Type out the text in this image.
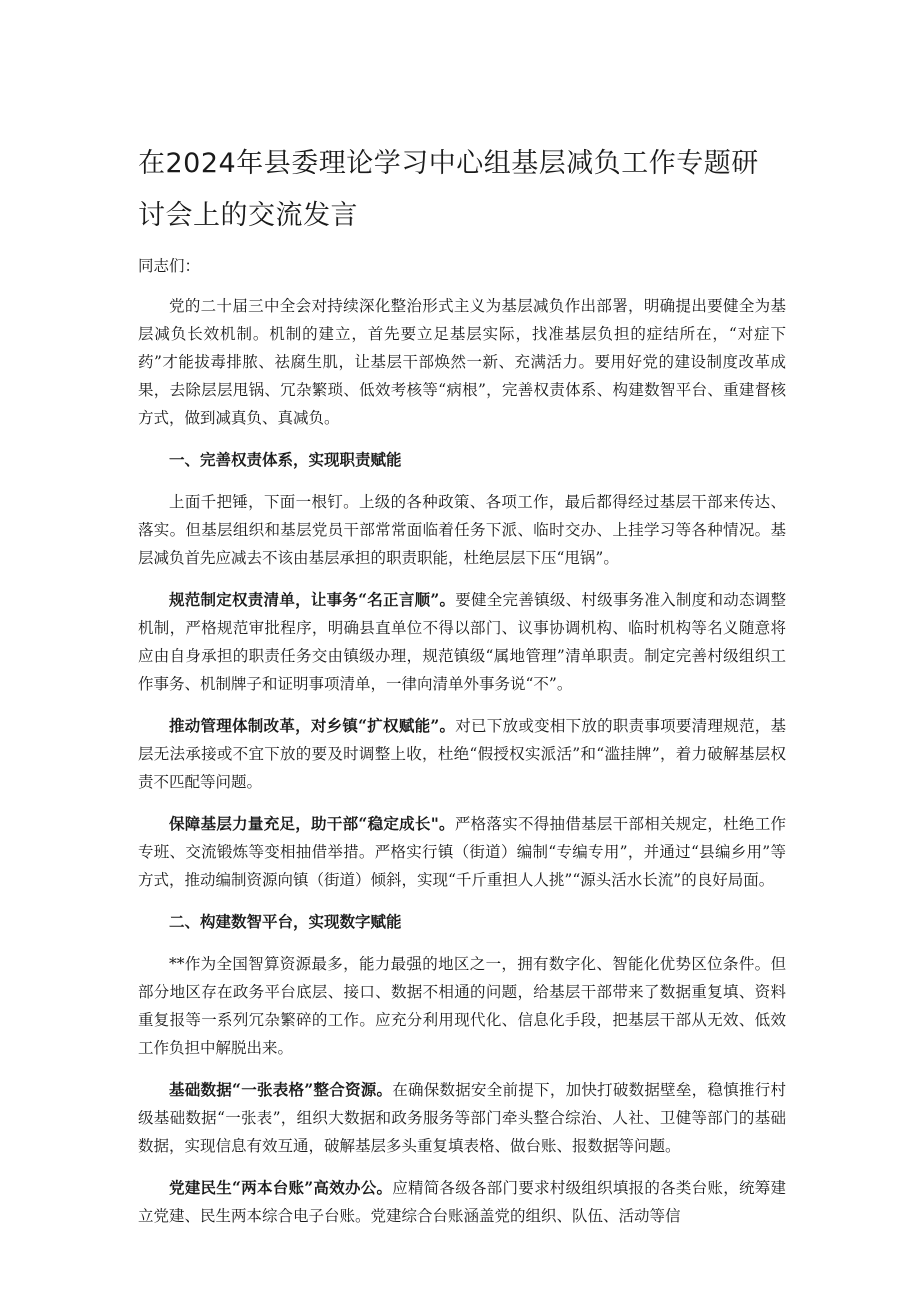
在2024年县委理论学习中心组基层减负工作专题研讨会上的交流发言

同志们：

党的二十届三中全会对持续深化整治形式主义为基层减负作出部署，明确提出要健全为基层减负长效机制。机制的建立，首先要立足基层实际，找准基层负担的症结所在，“对症下药”才能拔毒排脓、祛腐生肌，让基层干部焕然一新、充满活力。要用好党的建设制度改革成果，去除层层甩锅、冗杂繁琐、低效考核等“病根”，完善权责体系、构建数智平台、重建督核方式，做到减真负、真减负。

一、完善权责体系，实现职责赋能

上面千把锤，下面一根钉。上级的各种政策、各项工作，最后都得经过基层干部来传达、落实。但基层组织和基层党员干部常常面临着任务下派、临时交办、上挂学习等各种情况。基层减负首先应减去不该由基层承担的职责职能，杜绝层层下压“甩锅”。

规范制定权责清单，让事务“名正言顺”。要健全完善镇级、村级事务准入制度和动态调整机制，严格规范审批程序，明确县直单位不得以部门、议事协调机构、临时机构等名义随意将应由自身承担的职责任务交由镇级办理，规范镇级“属地管理”清单职责。制定完善村级组织工作事务、机制牌子和证明事项清单，一律向清单外事务说“不”。

推动管理体制改革，对乡镇“扩权赋能”。对已下放或变相下放的职责事项要清理规范，基层无法承接或不宜下放的要及时调整上收，杜绝“假授权实派活”和“滥挂牌”，着力破解基层权责不匹配等问题。

保障基层力量充足，助干部“稳定成长"。严格落实不得抽借基层干部相关规定，杜绝工作专班、交流锻炼等变相抽借举措。严格实行镇（街道）编制“专编专用”，并通过“县编乡用”等方式，推动编制资源向镇（街道）倾斜，实现“千斤重担人人挑”“源头活水长流”的良好局面。

二、构建数智平台，实现数字赋能

**作为全国智算资源最多，能力最强的地区之一，拥有数字化、智能化优势区位条件。但部分地区存在政务平台底层、接口、数据不相通的问题，给基层干部带来了数据重复填、资料重复报等一系列冗杂繁碎的工作。应充分利用现代化、信息化手段，把基层干部从无效、低效工作负担中解脱出来。

基础数据“一张表格”整合资源。在确保数据安全前提下，加快打破数据壁垒，稳慎推行村级基础数据“一张表”，组织大数据和政务服务等部门牵头整合综治、人社、卫健等部门的基础数据，实现信息有效互通，破解基层多头重复填表格、做台账、报数据等问题。

党建民生“两本台账”高效办公。应精简各级各部门要求村级组织填报的各类台账，统筹建立党建、民生两本综合电子台账。党建综合台账涵盖党的组织、队伍、活动等信
